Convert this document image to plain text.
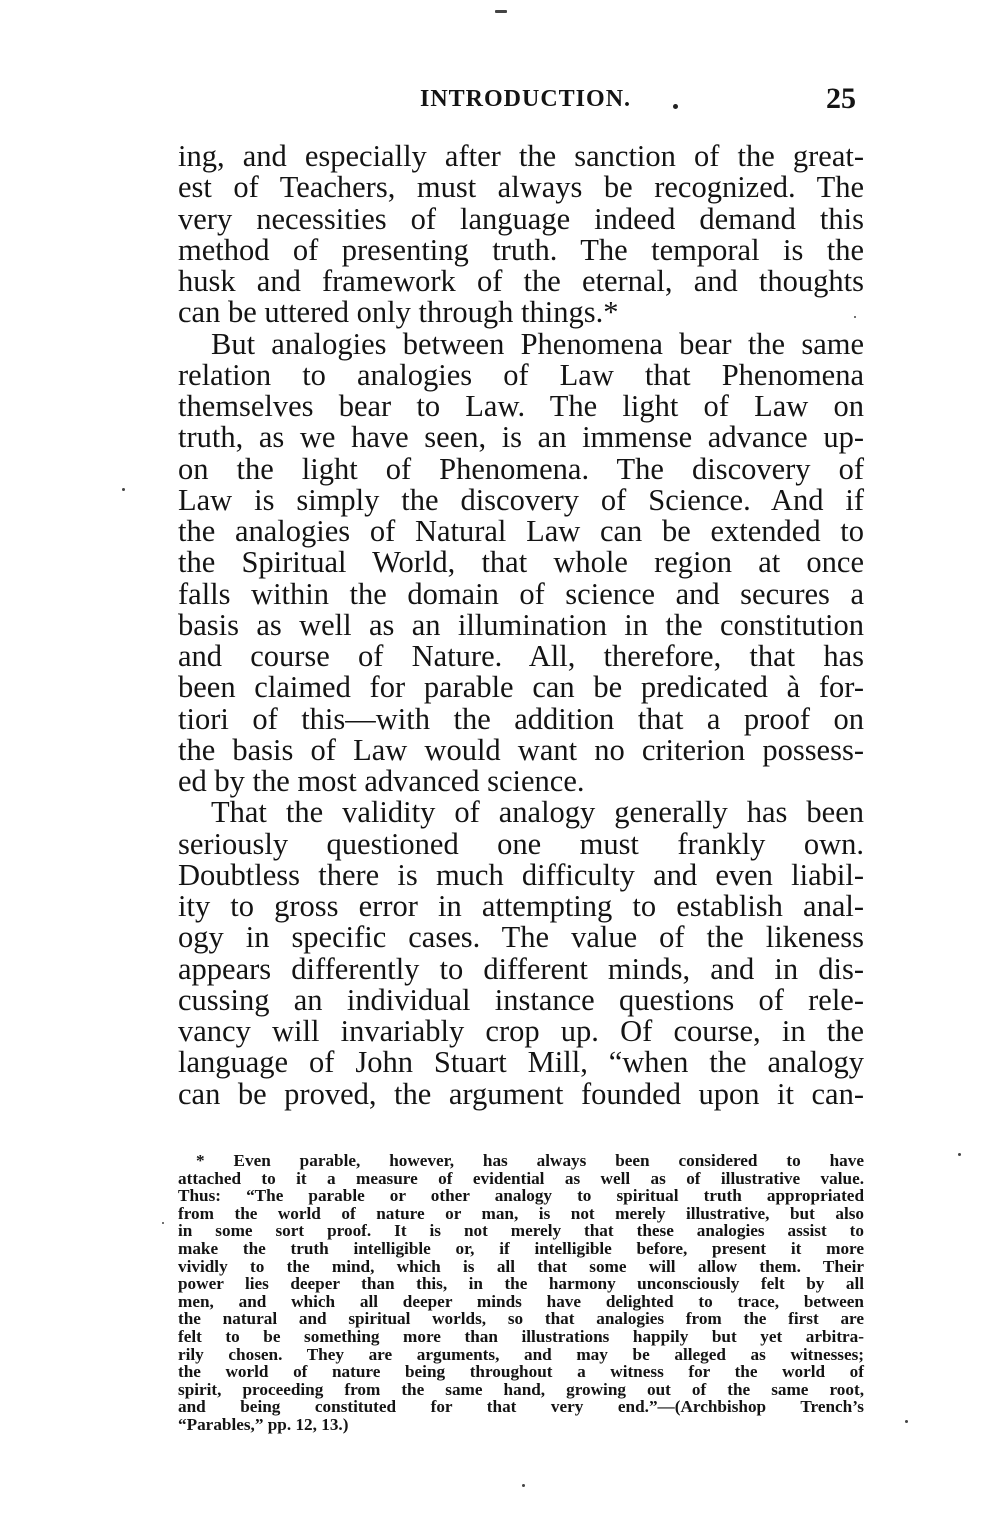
INTRODUCTION.	25
ing, and especially after the sanction of the great-
est of Teachers, must always be recognized. The
very necessities of language indeed demand this
method of presenting truth. The temporal is the
husk and framework of the eternal, and thoughts
can be uttered only through things.*
But analogies between Phenomena bear the same
relation to analogies of Law that Phenomena
themselves bear to Law. The light of Law on
truth, as we have seen, is an immense advance up-
on the light of Phenomena. The discovery of
Law is simply the discovery of Science. And if
the analogies of Natural Law can be extended to
the Spiritual World, that whole region at once
falls within the domain of science and secures a
basis as well as an illumination in the constitution
and course of Nature. All, therefore, that has
been claimed for parable can be predicated à for-
tiori of this—with the addition that a proof on
the basis of Law would want no criterion possess-
ed by the most advanced science.
That the validity of analogy generally has been
seriously questioned one must frankly own.
Doubtless there is much difficulty and even liabil-
ity to gross error in attempting to establish anal-
ogy in specific cases. The value of the likeness
appears differently to different minds, and in dis-
cussing an individual instance questions of rele-
vancy will invariably crop up. Of course, in the
language of John Stuart Mill, “when the analogy
can be proved, the argument founded upon it can-
* Even parable, however, has always been considered to have
attached to it a measure of evidential as well as of illustrative value.
Thus: “The parable or other analogy to spiritual truth appropriated
from the world of nature or man, is not merely illustrative, but also
in some sort proof. It is not merely that these analogies assist to
make the truth intelligible or, if intelligible before, present it more
vividly to the mind, which is all that some will allow them. Their
power lies deeper than this, in the harmony unconsciously felt by all
men, and which all deeper minds have delighted to trace, between
the natural and spiritual worlds, so that analogies from the first are
felt to be something more than illustrations happily but yet arbitra-
rily chosen. They are arguments, and may be alleged as witnesses;
the world of nature being throughout a witness for the world of
spirit, proceeding from the same hand, growing out of the same root,
and being constituted for that very end.”—(Archbishop Trench’s
“Parables,” pp. 12, 13.)
